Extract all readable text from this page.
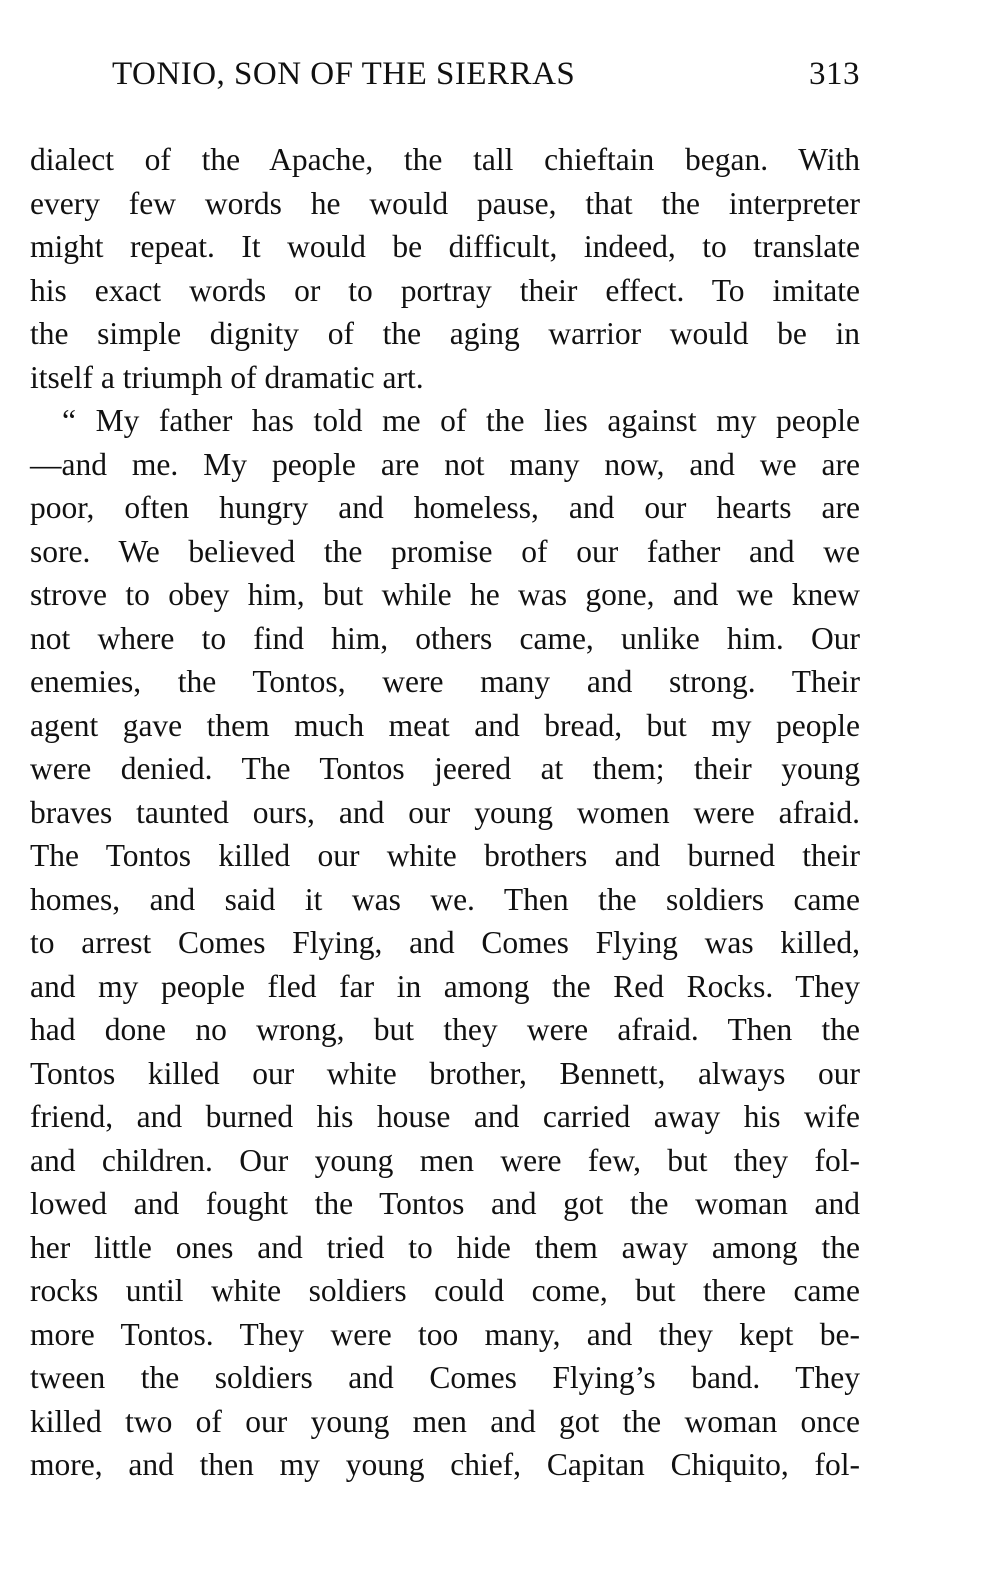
TONIO, SON OF THE SIERRAS	313
dialect of the Apache, the tall chieftain began. With
every few words he would pause, that the interpreter
might repeat. It would be difficult, indeed, to translate
his exact words or to portray their effect. To imitate
the simple dignity of the aging warrior would be in
itself a triumph of dramatic art.
“ My father has told me of the lies against my people
—and me. My people are not many now, and we are
poor, often hungry and homeless, and our hearts are
sore. We believed the promise of our father and we
strove to obey him, but while he was gone, and we knew
not where to find him, others came, unlike him. Our
enemies, the Tontos, were many and strong. Their
agent gave them much meat and bread, but my people
were denied. The Tontos jeered at them; their young
braves taunted ours, and our young women were afraid.
The Tontos killed our white brothers and burned their
homes, and said it was we. Then the soldiers came
to arrest Comes Flying, and Comes Flying was killed,
and my people fled far in among the Red Rocks. They
had done no wrong, but they were afraid. Then the
Tontos killed our white brother, Bennett, always our
friend, and burned his house and carried away his wife
and children. Our young men were few, but they fol-
lowed and fought the Tontos and got the woman and
her little ones and tried to hide them away among the
rocks until white soldiers could come, but there came
more Tontos. They were too many, and they kept be-
tween the soldiers and Comes Flying’s band. They
killed two of our young men and got the woman once
more, and then my young chief, Capitan Chiquito, fol-
